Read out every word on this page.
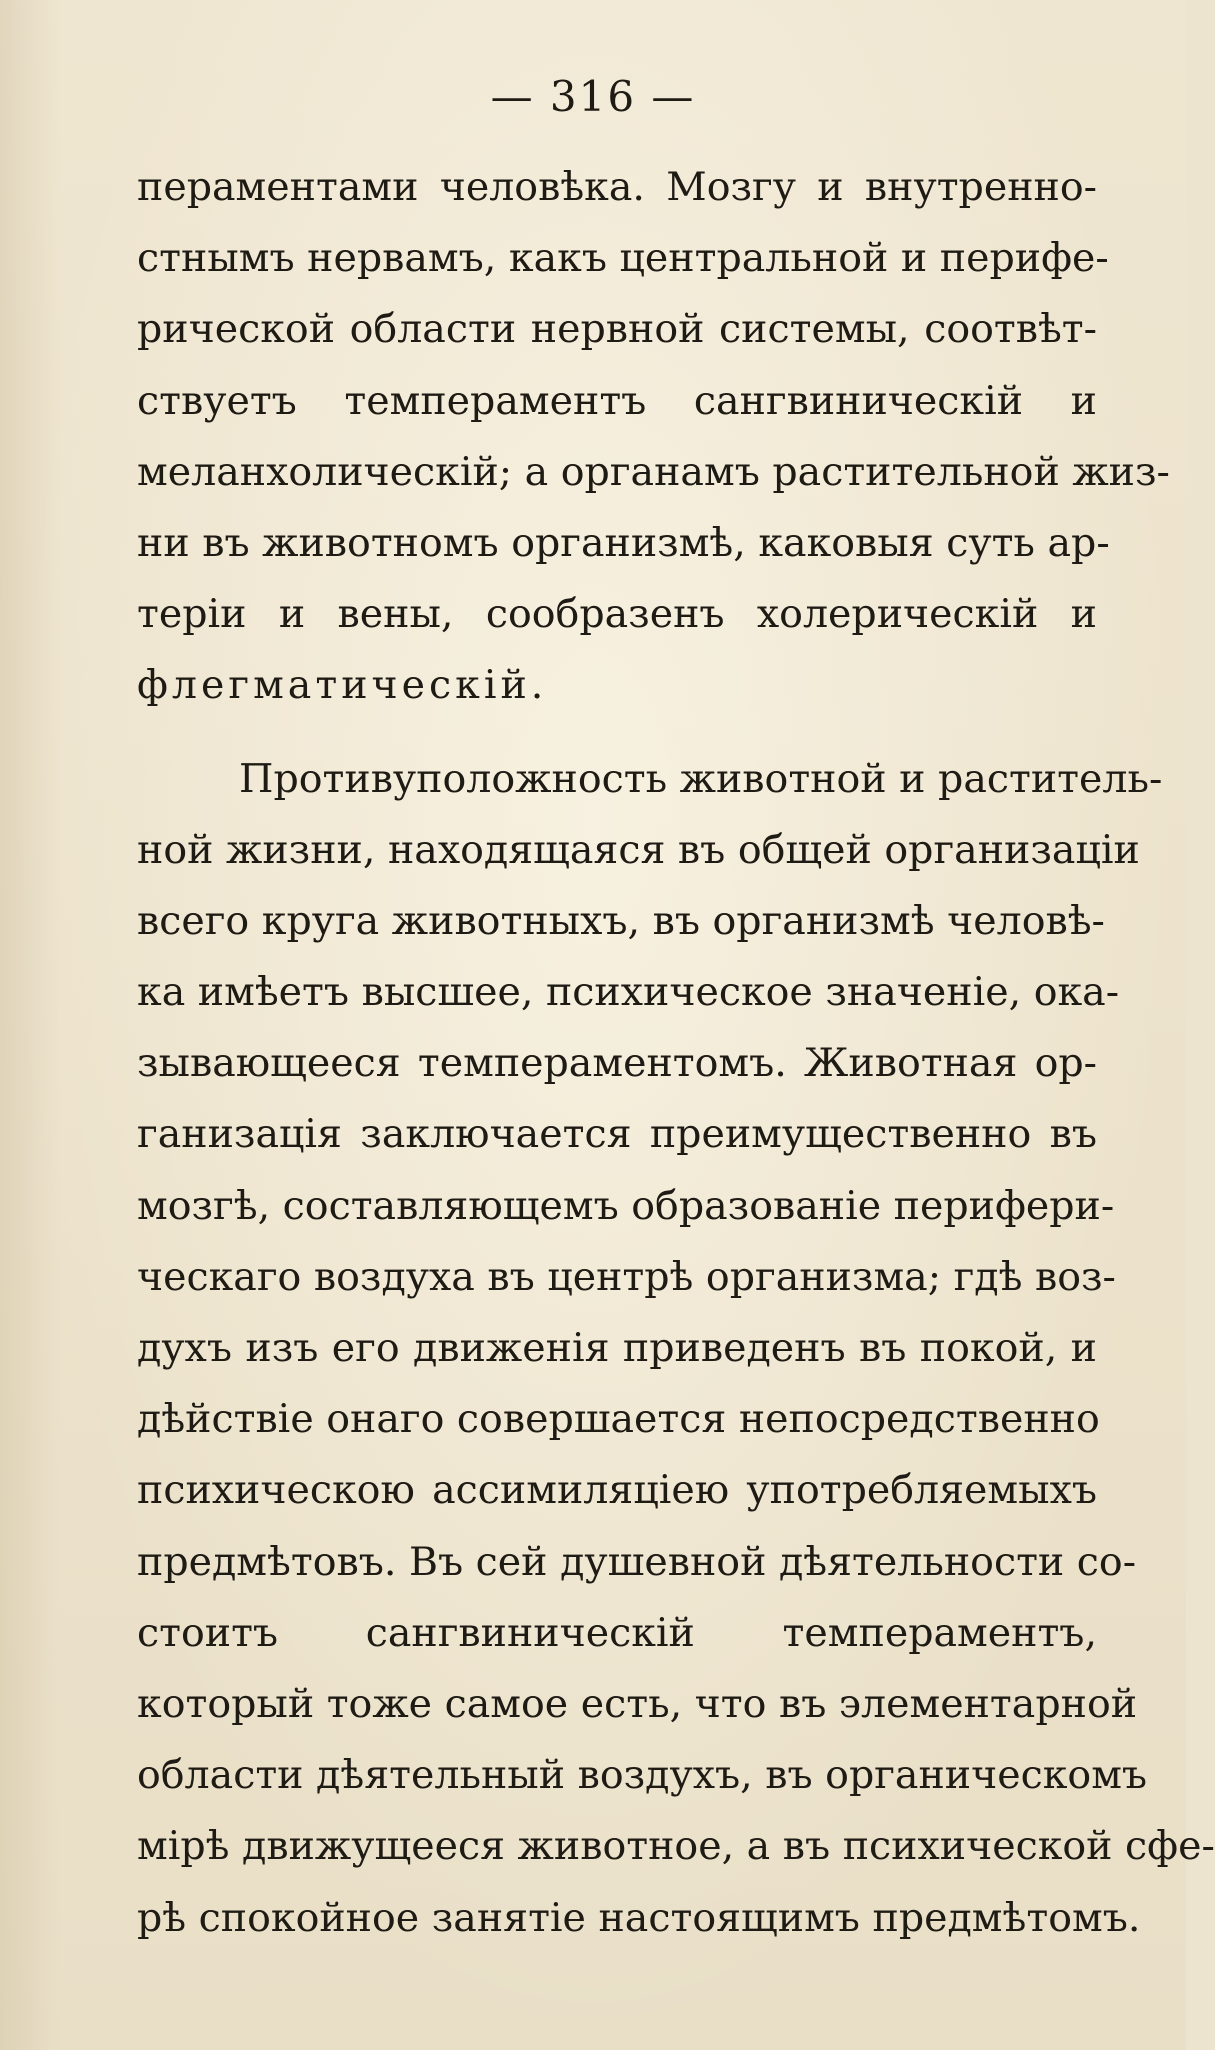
— 316 —
пераментами человѣка. Мозгу и внутренно-
стнымъ нервамъ, какъ центральной и перифе-
рической области нервной системы, соотвѣт-
ствуетъ темпераментъ сангвиническій и
меланхолическій; а органамъ растительной жиз-
ни въ животномъ организмѣ, каковыя суть ар-
теріи и вены, сообразенъ холерическій и
флегматическій.
Противуположность животной и раститель-
ной жизни, находящаяся въ общей организаціи
всего круга животныхъ, въ организмѣ человѣ-
ка имѣетъ высшее, психическое значеніе, ока-
зывающееся темпераментомъ. Животная ор-
ганизація заключается преимущественно въ
мозгѣ, составляющемъ образованіе перифери-
ческаго воздуха въ центрѣ организма; гдѣ воз-
духъ изъ его движенія приведенъ въ покой, и
дѣйствіе онаго совершается непосредственно
психическою ассимиляціею употребляемыхъ
предмѣтовъ. Въ сей душевной дѣятельности со-
стоитъ сангвиническій темпераментъ,
который тоже самое есть, что въ элементарной
области дѣятельный воздухъ, въ органическомъ
мірѣ движущееся животное, а въ психической сфе-
рѣ спокойное занятіе настоящимъ предмѣтомъ.
